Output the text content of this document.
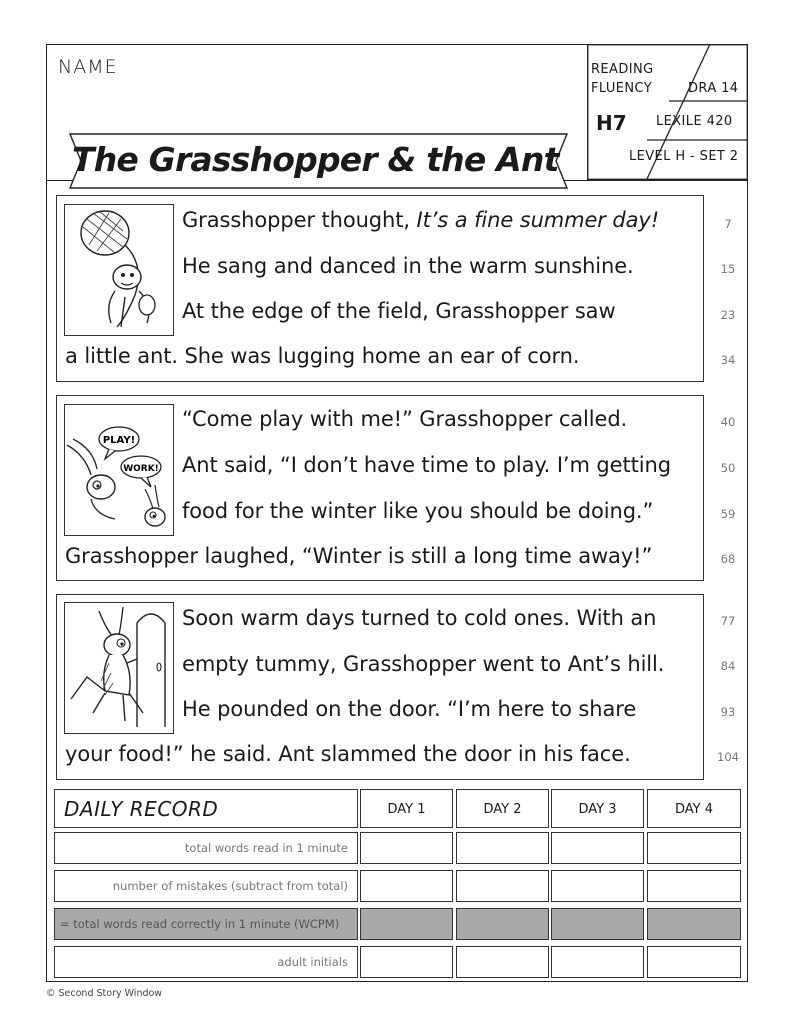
NAME	READING
FLUENCY
H7
DRA 14
LEXILE 420
LEVEL H - SET 2
The Grasshopper & the Ant
Grasshopper thought, It’s a fine summer day!
He sang and danced in the warm sunshine.
At the edge of the field, Grasshopper saw
a little ant. She was lugging home an ear of corn.
7
15
23
34
PLAY!
WORK!
“Come play with me!” Grasshopper called.
Ant said, “I don’t have time to play. I’m getting
food for the winter like you should be doing.”
Grasshopper laughed, “Winter is still a long time away!”
40
50
59
68
Soon warm days turned to cold ones. With an
empty tummy, Grasshopper went to Ant’s hill.
He pounded on the door. “I’m here to share
your food!” he said. Ant slammed the door in his face.
77
84
93
104
DAILY RECORD	DAY 1	DAY 2	DAY 3	DAY 4
total words read in 1 minute
number of mistakes (subtract from total)
= total words read correctly in 1 minute (WCPM)
adult initials
© Second Story Window
